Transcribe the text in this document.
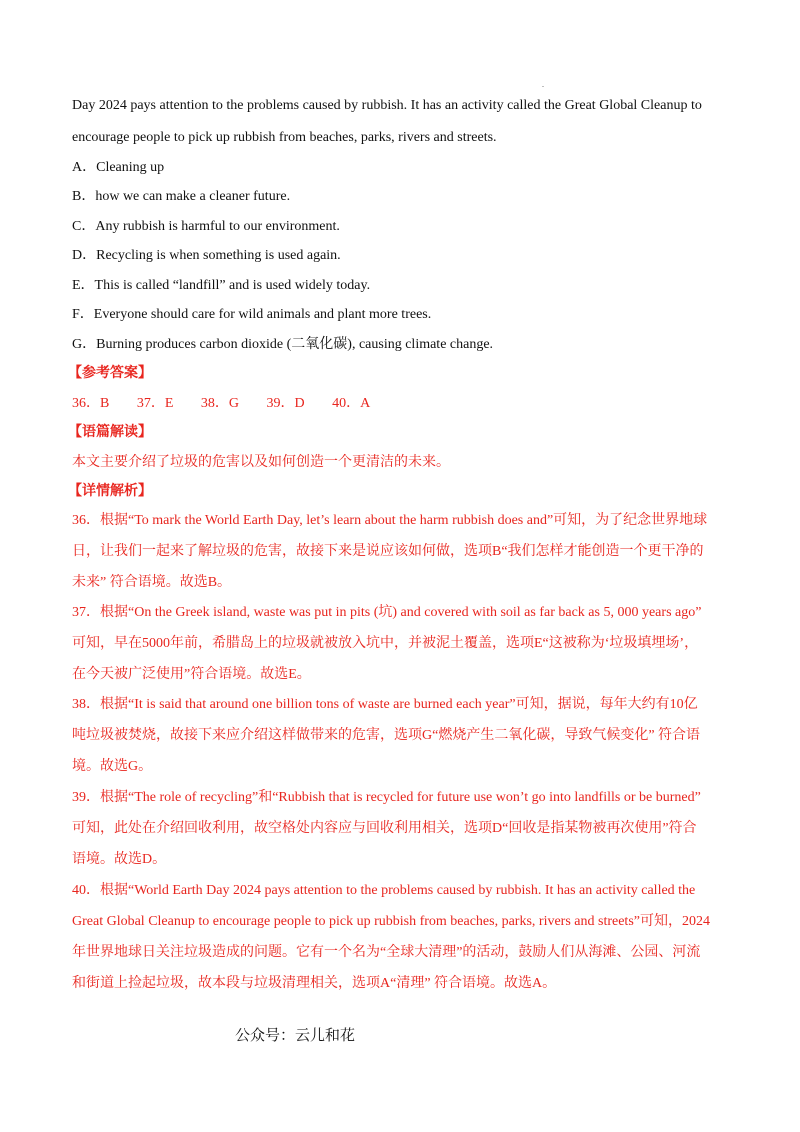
.
Day 2024 pays attention to the problems caused by rubbish. It has an activity called the Great Global Cleanup to
encourage people to pick up rubbish from beaches, parks, rivers and streets.
A．Cleaning up
B．how we can make a cleaner future.
C．Any rubbish is harmful to our environment.
D．Recycling is when something is used again.
E．This is called “landfill” and is used widely today.
F．Everyone should care for wild animals and plant more trees.
G．Burning produces carbon dioxide (二氧化碳), causing climate change.
【参考答案】
36．B 37．E 38．G 39．D 40．A
【语篇解读】
本文主要介绍了垃圾的危害以及如何创造一个更清洁的未来。
【详情解析】
36．根据“To mark the World Earth Day, let’s learn about the harm rubbish does and”可知，为了纪念世界地球
日，让我们一起来了解垃圾的危害，故接下来是说应该如何做，选项B“我们怎样才能创造一个更干净的
未来” 符合语境。故选B。
37．根据“On the Greek island, waste was put in pits (坑) and covered with soil as far back as 5, 000 years ago”
可知，早在5000年前，希腊岛上的垃圾就被放入坑中，并被泥土覆盖，选项E“这被称为‘垃圾填埋场’，
在今天被广泛使用”符合语境。故选E。
38．根据“It is said that around one billion tons of waste are burned each year”可知，据说，每年大约有10亿
吨垃圾被焚烧，故接下来应介绍这样做带来的危害，选项G“燃烧产生二氧化碳，导致气候变化” 符合语
境。故选G。
39．根据“The role of recycling”和“Rubbish that is recycled for future use won’t go into landfills or be burned”
可知，此处在介绍回收利用，故空格处内容应与回收利用相关，选项D“回收是指某物被再次使用”符合
语境。故选D。
40．根据“World Earth Day 2024 pays attention to the problems caused by rubbish. It has an activity called the
Great Global Cleanup to encourage people to pick up rubbish from beaches, parks, rivers and streets”可知，2024
年世界地球日关注垃圾造成的问题。它有一个名为“全球大清理”的活动，鼓励人们从海滩、公园、河流
和街道上捡起垃圾，故本段与垃圾清理相关，选项A“清理” 符合语境。故选A。
公众号：云儿和花
